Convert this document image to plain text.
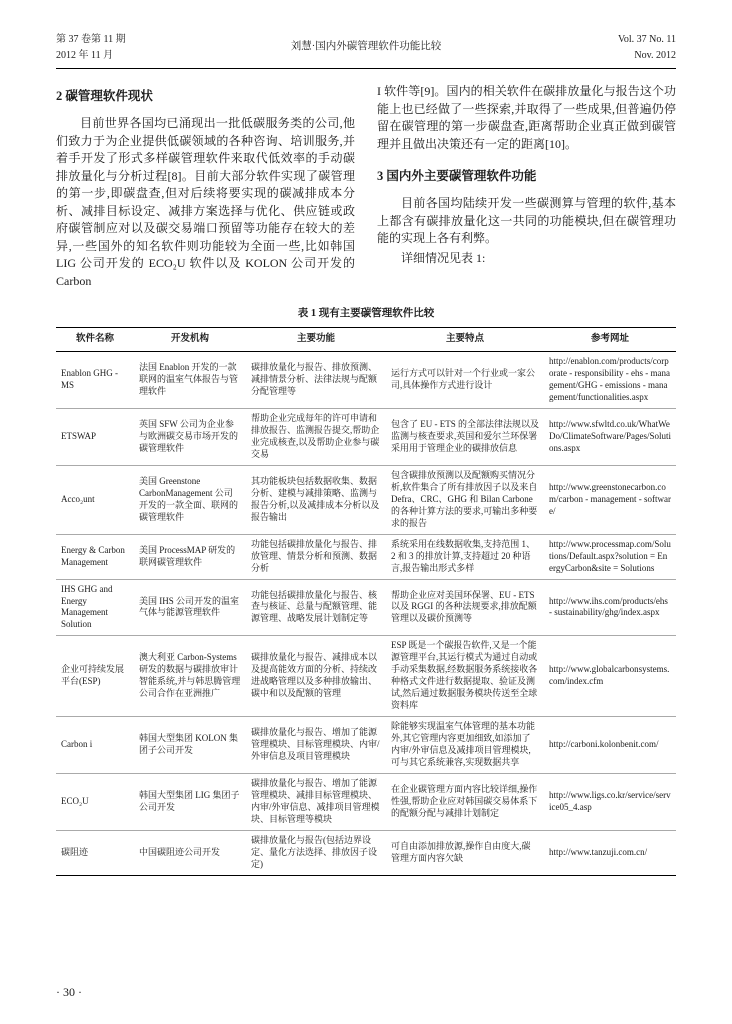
第 37 卷第 11 期
2012 年 11 月
刘慧·国内外碳管理软件功能比较
Vol. 37 No. 11
Nov. 2012
2 碳管理软件现状

目前世界各国均已涌现出一批低碳服务类的公司,他们致力于为企业提供低碳领域的各种咨询、培训服务,并着手开发了形式多样碳管理软件来取代低效率的手动碳排放量化与分析过程[8]。目前大部分软件实现了碳管理的第一步,即碳盘查,但对后续将要实现的碳减排成本分析、减排目标设定、减排方案选择与优化、供应链或政府碳管制应对以及碳交易端口预留等功能存在较大的差异,一些国外的知名软件则功能较为全面一些,比如韩国 LIG 公司开发的 ECO₂U 软件以及 KOLON 公司开发的 Carbon

I 软件等[9]。国内的相关软件在碳排放量化与报告这个功能上也已经做了一些探索,并取得了一些成果,但普遍仍停留在碳管理的第一步碳盘查,距离帮助企业真正做到碳管理并且做出决策还有一定的距离[10]。

3 国内外主要碳管理软件功能

目前各国均陆续开发一些碳测算与管理的软件,基本上都含有碳排放量化这一共同的功能模块,但在碳管理功能的实现上各有利弊。

详细情况见表 1:

表 1 现有主要碳管理软件比较
软件名称	开发机构	主要功能	主要特点	参考网址
Enablon GHG - MS	法国 Enablon 开发的一款联网的温室气体报告与管理软件	碳排放量化与报告、排放预测、减排情景分析、法律法规与配额分配管理等	运行方式可以针对一个行业或一家公司,具体操作方式进行设计	http://enablon.com/products/corporate - responsibility - ehs - management/GHG - emissions - management/functionalities.aspx
ETSWAP	英国 SFW 公司为企业参与欧洲碳交易市场开发的碳管理软件	帮助企业完成每年的许可申请和排放报告、监测报告提交,帮助企业完成核查,以及帮助企业参与碳交易	包含了 EU - ETS 的全部法律法规以及监测与核查要求,英国和爱尔兰环保署采用用于管理企业的碳排放信息	http://www.sfwltd.co.uk/WhatWeDo/ClimateSoftware/Pages/Solutions.aspx
Acco₂unt	美国 Greenstone CarbonManagement 公司开发的一款全面、联网的碳管理软件	其功能板块包括数据收集、数据分析、建模与减排策略、监测与报告分析,以及减排成本分析以及报告输出	包含碳排放预测以及配额购买情况分析,软件集合了所有排放因子以及来自 Defra、CRC、GHG 和 Bilan Carbone 的各种计算方法的要求,可输出多种要求的报告	http://www.greenstonecarbon.com/carbon - management - software/
Energy & Carbon Management	美国 ProcessMAP 研发的联网碳管理软件	功能包括碳排放量化与报告、排放管理、情景分析和预测、数据分析	系统采用在线数据收集,支持范围 1、2 和 3 的排放计算,支持超过 20 种语言,报告输出形式多样	http://www.processmap.com/Solutions/Default.aspx?solution = EnergyCarbon&site = Solutions
IHS GHG and Energy Management Solution	美国 IHS 公司开发的温室气体与能源管理软件	功能包括碳排放量化与报告、核查与核证、总量与配额管理、能源管理、战略发展计划制定等	帮助企业应对美国环保署、EU - ETS 以及 RGGI 的各种法规要求,排放配额管理以及碳价预测等	http://www.ihs.com/products/ehs - sustainability/ghg/index.aspx
企业可持续发展平台(ESP)	澳大利亚 Carbon-Systems 研发的数据与碳排放审计智能系统,并与韩思腾管理公司合作在亚洲推广	碳排放量化与报告、减排成本以及提高能效方面的分析、持续改进战略管理以及多种排放输出、碳中和以及配额的管理	ESP 既是一个碳报告软件,又是一个能源管理平台,其运行模式为通过自动或手动采集数据,经数据服务系统接收各种格式文件进行数据提取、验证及测试,然后通过数据服务模块传送至全球资料库	http://www.globalcarbonsystems.com/index.cfm
Carbon i	韩国大型集团 KOLON 集团子公司开发	碳排放量化与报告、增加了能源管理模块、目标管理模块、内审/外审信息及项目管理模块	除能够实现温室气体管理的基本功能外,其它管理内容更加细致,如添加了内审/外审信息及减排项目管理模块,可与其它系统兼容,实现数据共享	http://carboni.kolonbenit.com/
ECO₂U	韩国大型集团 LIG 集团子公司开发	碳排放量化与报告、增加了能源管理模块、减排目标管理模块、内审/外审信息、减排项目管理模块、目标管理等模块	在企业碳管理方面内容比较详细,操作性强,帮助企业应对韩国碳交易体系下的配额分配与减排计划制定	http://www.ligs.co.kr/service/service05_4.asp
碳阻迹	中国碳阻迹公司开发	碳排放量化与报告(包括边界设定、量化方法选择、排放因子设定)	可自由添加排放源,操作自由度大,碳管理方面内容欠缺	http://www.tanzuji.com.cn/
· 30 ·
